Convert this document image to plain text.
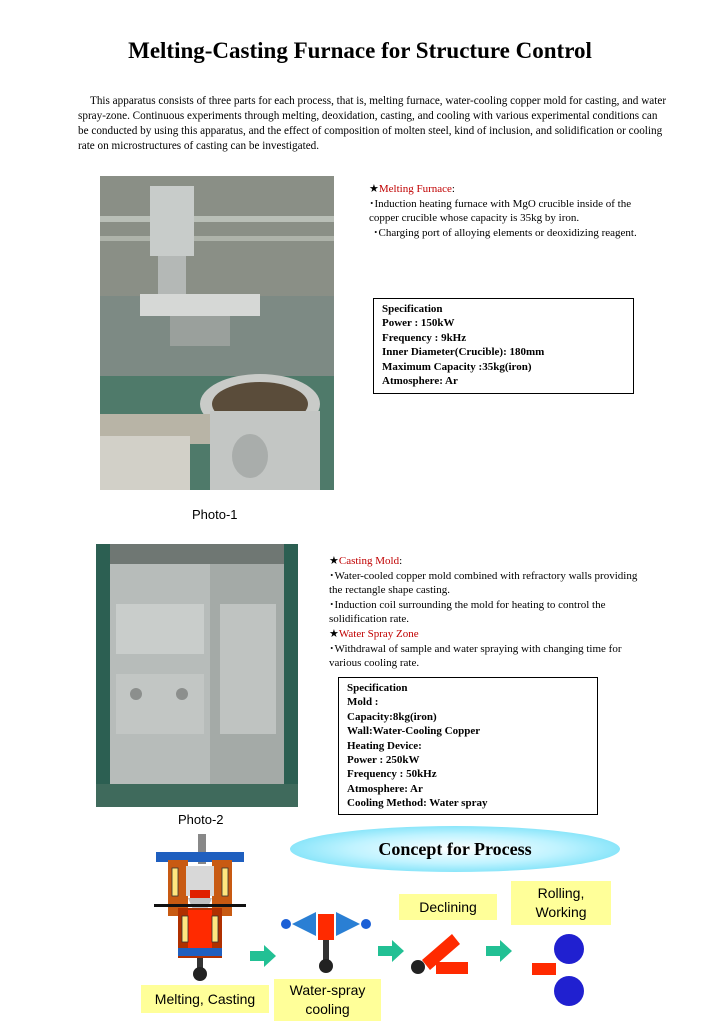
Melting-Casting Furnace for Structure Control

This apparatus consists of three parts for each process, that is, melting furnace, water-cooling copper mold for casting, and water spray-zone. Continuous experiments through melting, deoxidation, casting, and cooling with various experimental conditions can be conducted by using this apparatus, and the effect of composition of molten steel, kind of inclusion, and solidification or cooling rate on microstructures of casting can be investigated.

Photo-1

★Melting Furnace:

･Induction heating furnace with MgO crucible inside of the copper crucible whose capacity is 35kg by iron.

･Charging port of alloying elements or deoxidizing reagent.

Specification
Power : 150kW
Frequency : 9kHz
Inner Diameter(Crucible): 180mm
Maximum Capacity :35kg(iron)
Atmosphere: Ar
Photo-2

★Casting Mold:

･Water-cooled copper mold combined with refractory walls providing the rectangle shape casting.

･Induction coil surrounding the mold for heating to control the solidification rate.

★Water Spray Zone

･Withdrawal of sample and water spraying with changing time for various cooling rate.

Specification
Mold :
Capacity:8kg(iron)
Wall:Water-Cooling Copper
Heating Device:
Power : 250kW
Frequency : 50kHz
Atmosphere: Ar
Cooling Method: Water spray
Concept for Process
Melting, Casting
Water-spray
cooling
Declining
Rolling,
Working
